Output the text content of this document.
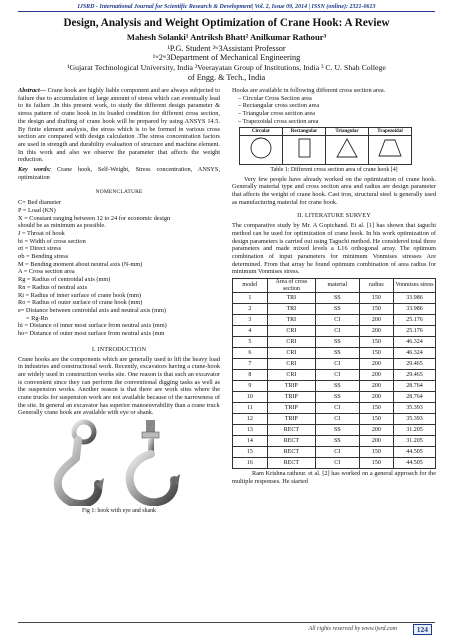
IJSRD - International Journal for Scientific Research & Development| Vol. 2, Issue 09, 2014 | ISSN (online): 2321-0613
Design, Analysis and Weight Optimization of Crane Hook: A Review
Mahesh Solanki¹ Antriksh Bhatt² Anilkumar Rathour³
¹P.G. Student ²ʷ3Assistant Professor
¹ʷ2ʷ3Department of Mechanical Engineering
¹Gujarat Technological University, India ²Veerayatan Group of Institutions, India ³ C. U. Shah College
of Engg. & Tech., India
Abstract— Crane hook are highly liable component and are always subjected to failure due to accumulation of large amount of stress which can eventually lead to its failure .In this present work, to study the different design parameter & stress pattern of crane hook in its loaded condition for different cross section, the design and drafting of crane hook will be prepared by using ANSYS 14.5. By finite element analysis, the stress which is to be formed in various cross section are compared with design calculation .The stress concentration factors are used in strength and durability evaluation of structure and machine element. In this work and also we observe the parameter that affects the weight reduction.
Key words: Crane hook, Self-Weight, Stress concentration, ANSYS, optimization
NOMENCLATURE
C= Bed diameter
P = Load (KN)
X = Constant ranging between 12 to 24 for economic design
should be as minimum as possible.
J = Throat of hook
bi = Width of cross section
σt = Direct stress
σb = Bending stress
M = Bending moment about neutral axis (N-mm)
A = Cross section area
Rg = Radius of centroidal axis (mm)
Rn = Radius of neutral axis
Ri = Radius of inner surface of crane hook (mm)
Ro = Radius of outer surface of crane hook (mm)
e= Distance between centroidal axis and neutral axis (mm)
= Rg-Rn
hi = Distance of inner most surface from neutral axis (mm)
ho= Distance of outer most surface from neutral axis (mm
I. INTRODUCTION
Crane hooks are the components which are generally used to lift the heavy load in industries and constructional work. Recently, excavators having a crane-hook are widely used in construction works site. One reason is that such an excavator is convenient since they can perform the conventional digging tasks as well as the suspension works. Another reason is that there are work sites where the crane trucks for suspension work are not available because of the narrowness of the site. In general an excavator has superior manoeuvrability than a crane truck
Generally crane hook are available with eye or shank.
Fig 1: hook with eye and shank
Hooks are available in following different cross section area.
– Circular Cross Section area
– Rectangular cross section area
– Triangular cross section area
– Trapezoidal cross section area
Circular	Rectangular	Triangular	Trapezoidal

Table 1: Different cross section area of crane hook [4]
Very few people have already worked on the optimization of crane hook. Generally material type and cross section area and radius are design parameter that affects the weight of crane hook. Cast iron, structural steel is generally used as manufacturing material for crane hook.
II. LITERATURE SURVEY
The comparative study by Mr. A Gopichand. Et al. [1] has shown that taguchi method can be used for optimization of crane hook. In his work optimization of design parameters is carried out using Taguchi method. He considered total three parameters and made mixed levels a L16 orthogonal array. The optimum combination of input parameters for minimum Vonmises stresses Are determined. From that array he found optimum combination of area radius for minimum Vonmises stress.
model	Area of cross section	material	radius	Vonmises stress
1	TRI	SS	150	33.986
2	TRI	SS	150	33.986
3	TRI	CI	200	25.176
4	CRI	CI	200	25.176
5	CRI	SS	150	46.324
6	CRI	SS	150	46.324
7	CRI	CI	200	29.465
8	CRI	CI	200	29.465
9	TRIP	SS	200	28.764
10	TRIP	SS	200	28.764
11	TRIP	CI	150	35.393
12	TRIP	CI	150	35.393
13	RECT	SS	200	31.205
14	RECT	SS	200	31.205
15	RECT	CI	150	44.505
16	RECT	CI	150	44.505
Ram Krishna rathour. et al. [2] has worked on a general approach for the multiple responses. He started
All rights reserved by www.ijsrd.com	124
